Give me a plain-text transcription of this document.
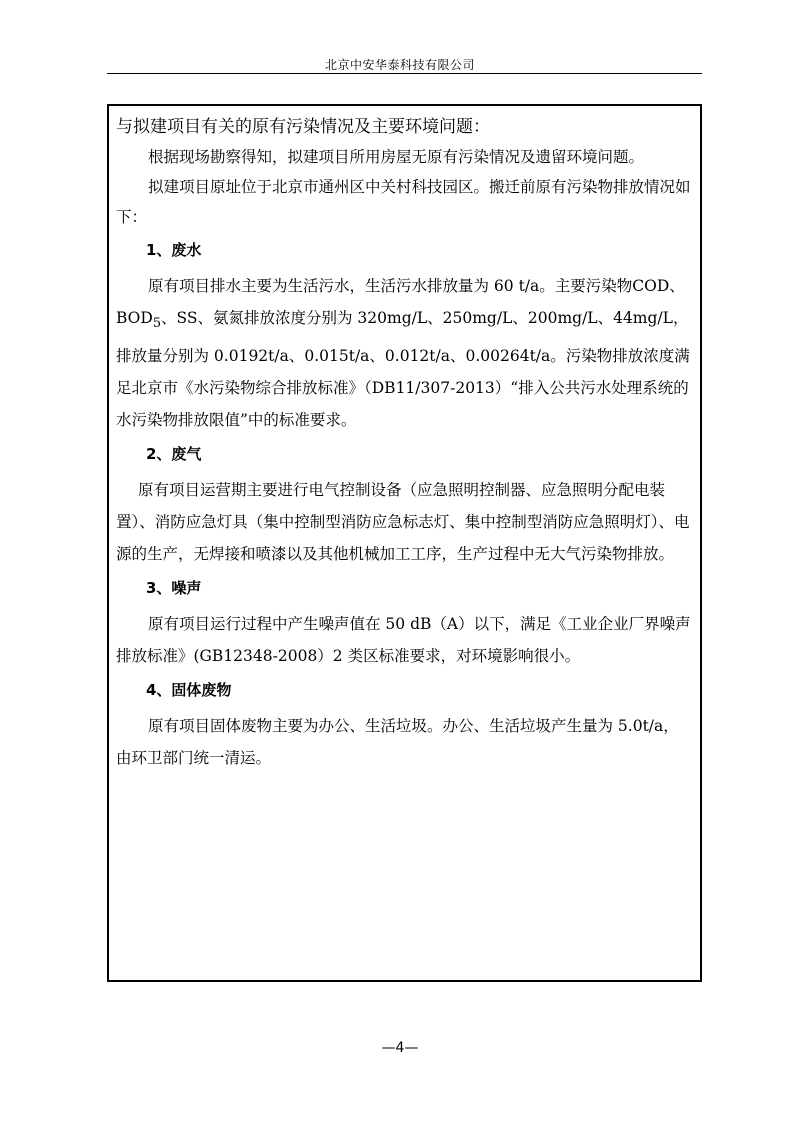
北京中安华泰科技有限公司
与拟建项目有关的原有污染情况及主要环境问题：

根据现场勘察得知，拟建项目所用房屋无原有污染情况及遗留环境问题。

拟建项目原址位于北京市通州区中关村科技园区。搬迁前原有污染物排放情况如下：

1、废水

原有项目排水主要为生活污水，生活污水排放量为 60 t/a。主要污染物COD、$BOD_5$、SS、氨氮排放浓度分别为 320mg/L、250mg/L、200mg/L、44mg/L，排放量分别为 0.0192t/a、0.015t/a、0.012t/a、0.00264t/a。污染物排放浓度满足北京市《水污染物综合排放标准》（DB11/307-2013）“排入公共污水处理系统的水污染物排放限值”中的标准要求。

2、废气

原有项目运营期主要进行电气控制设备（应急照明控制器、应急照明分配电装置）、消防应急灯具（集中控制型消防应急标志灯、集中控制型消防应急照明灯）、电源的生产，无焊接和喷漆以及其他机械加工工序，生产过程中无大气污染物排放。

3、噪声

原有项目运行过程中产生噪声值在 50 dB（A）以下，满足《工业企业厂界噪声排放标准》(GB12348-2008）2 类区标准要求，对环境影响很小。

4、固体废物

原有项目固体废物主要为办公、生活垃圾。办公、生活垃圾产生量为 5.0t/a，由环卫部门统一清运。

—4—
